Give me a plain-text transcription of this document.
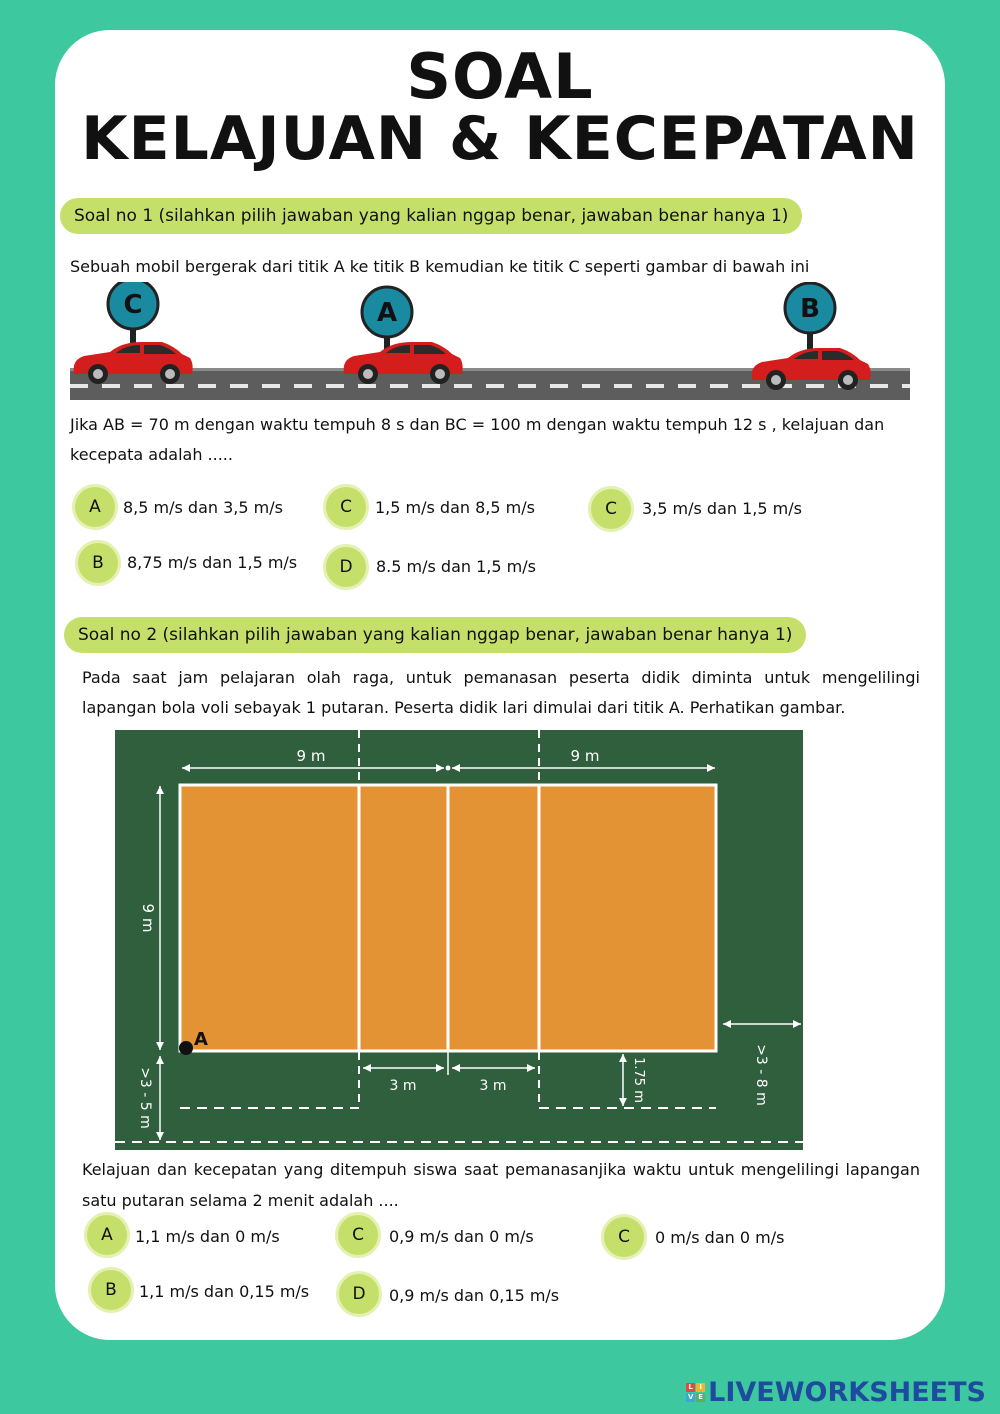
SOAL
KELAJUAN & KECEPATAN
Soal no 1 (silahkan pilih jawaban yang kalian nggap benar, jawaban benar hanya 1)
Sebuah mobil bergerak dari titik A ke titik B kemudian ke titik C seperti gambar di bawah ini
C	A	B
Jika AB = 70 m dengan waktu tempuh 8 s dan BC = 100 m dengan waktu tempuh 12 s , kelajuan dan
kecepata adalah .....
A	8,5 m/s dan 3,5 m/s	C	1,5 m/s dan 8,5 m/s	C	3,5 m/s dan 1,5 m/s
B	8,75 m/s dan 1,5 m/s	D	8.5 m/s dan 1,5 m/s
Soal no 2 (silahkan pilih jawaban yang kalian nggap benar, jawaban benar hanya 1)
Pada saat jam pelajaran olah raga, untuk pemanasan peserta didik diminta untuk mengelilingi
lapangan bola voli sebayak 1 putaran. Peserta didik lari dimulai dari titik A. Perhatikan gambar.
9 m	9 m
9 m
>3 - 5 m	>3 - 8 m
3 m	3 m	1.75 m
A
Kelajuan dan kecepatan yang ditempuh siswa saat pemanasanjika waktu untuk mengelilingi lapangan
satu putaran selama 2 menit adalah ....
A	1,1 m/s dan 0 m/s	C	0,9 m/s dan 0 m/s	C	0 m/s dan 0 m/s
B	1,1 m/s dan 0,15 m/s	D	0,9 m/s dan 0,15 m/s
L I
V E LIVEWORKSHEETS
